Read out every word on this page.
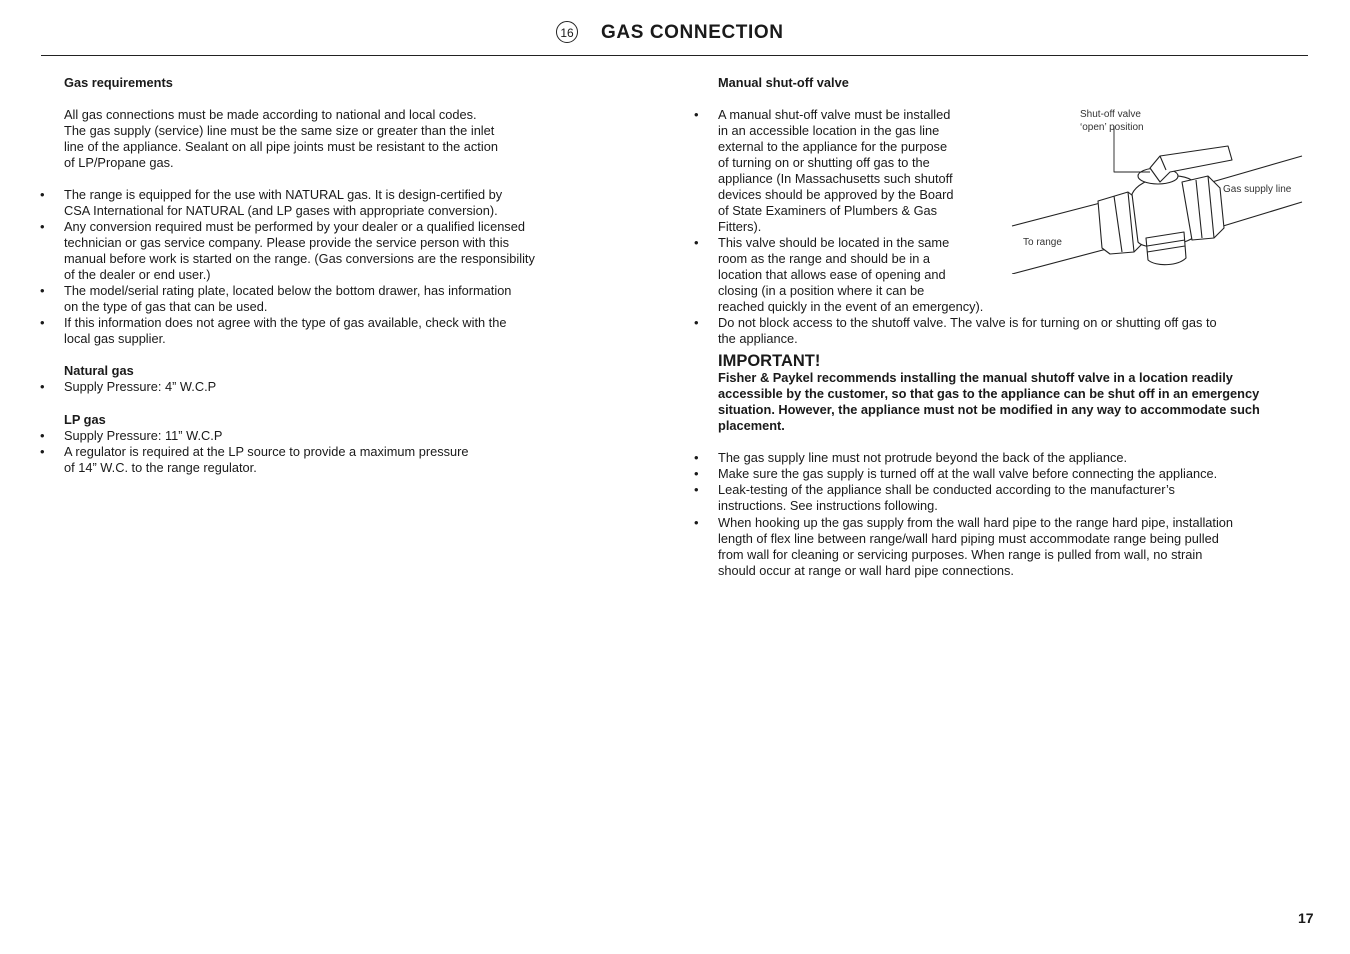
16 GAS CONNECTION

Gas requirements

All gas connections must be made according to national and local codes.

The gas supply (service) line must be the same size or greater than the inlet

line of the appliance. Sealant on all pipe joints must be resistant to the action

of LP/Propane gas.

• The range is equipped for the use with NATURAL gas. It is design-certified by

CSA International for NATURAL (and LP gases with appropriate conversion).

• Any conversion required must be performed by your dealer or a qualified licensed

technician or gas service company. Please provide the service person with this

manual before work is started on the range. (Gas conversions are the responsibility

of the dealer or end user.)

• The model/serial rating plate, located below the bottom drawer, has information

on the type of gas that can be used.

• If this information does not agree with the type of gas available, check with the

local gas supplier.

Natural gas

• Supply Pressure: 4” W.C.P

LP gas

• Supply Pressure: 11” W.C.P

• A regulator is required at the LP source to provide a maximum pressure

of 14” W.C. to the range regulator.

Manual shut-off valve

• A manual shut-off valve must be installed

in an accessible location in the gas line

external to the appliance for the purpose

of turning on or shutting off gas to the

appliance (In Massachusetts such shutoff

devices should be approved by the Board

of State Examiners of Plumbers & Gas

Fitters).

• This valve should be located in the same

room as the range and should be in a

location that allows ease of opening and

closing (in a position where it can be

reached quickly in the event of an emergency).

• Do not block access to the shutoff valve. The valve is for turning on or shutting off gas to

the appliance.

IMPORTANT!

Fisher & Paykel recommends installing the manual shutoff valve in a location readily

accessible by the customer, so that gas to the appliance can be shut off in an emergency

situation. However, the appliance must not be modified in any way to accommodate such

placement.

• The gas supply line must not protrude beyond the back of the appliance.

• Make sure the gas supply is turned off at the wall valve before connecting the appliance.

• Leak-testing of the appliance shall be conducted according to the manufacturer’s

instructions. See instructions following.

• When hooking up the gas supply from the wall hard pipe to the range hard pipe, installation

length of flex line between range/wall hard piping must accommodate range being pulled

from wall for cleaning or servicing purposes. When range is pulled from wall, no strain

should occur at range or wall hard pipe connections.

Shut-off valve
‘open’ position
Gas supply line
To range
17
